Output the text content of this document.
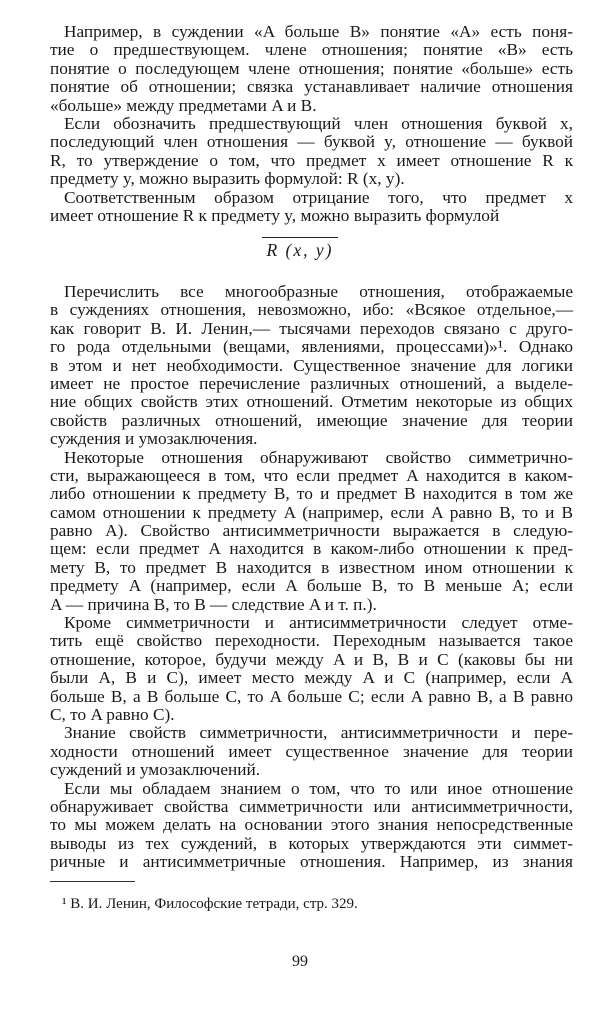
Например, в суждении «A больше B» понятие «A» есть поня-
тие о предшествующем. члене отношения; понятие «B» есть
понятие о последующем члене отношения; понятие «больше» есть
понятие об отношении; связка устанавливает наличие отношения
«больше» между предметами A и B.
Если обозначить предшествующий член отношения буквой x,
последующий член отношения — буквой y, отношение — буквой
R, то утверждение о том, что предмет x имеет отношение R к
предмету y, можно выразить формулой: R (x, y).
Соответственным образом отрицание того, что предмет x
имеет отношение R к предмету y, можно выразить формулой
R (x, y)
Перечислить все многообразные отношения, отображаемые
в суждениях отношения, невозможно, ибо: «Всякое отдельное,—
как говорит В. И. Ленин,— тысячами переходов связано с друго-
го рода отдельными (вещами, явлениями, процессами)»¹. Однако
в этом и нет необходимости. Существенное значение для логики
имеет не простое перечисление различных отношений, а выделе-
ние общих свойств этих отношений. Отметим некоторые из общих
свойств различных отношений, имеющие значение для теории
суждения и умозаключения.
Некоторые отношения обнаруживают свойство симметрично-
сти, выражающееся в том, что если предмет A находится в каком-
либо отношении к предмету B, то и предмет B находится в том же
самом отношении к предмету A (например, если A равно B, то и B
равно A). Свойство антисимметричности выражается в следую-
щем: если предмет A находится в каком-либо отношении к пред-
мету B, то предмет B находится в известном ином отношении к
предмету A (например, если A больше B, то B меньше A; если
A — причина B, то B — следствие A и т. п.).
Кроме симметричности и антисимметричности следует отме-
тить ещё свойство переходности. Переходным называется такое
отношение, которое, будучи между A и B, B и C (каковы бы ни
были A, B и C), имеет место между A и C (например, если A
больше B, а B больше C, то A больше C; если A равно B, а B равно
C, то A равно C).
Знание свойств симметричности, антисимметричности и пере-
ходности отношений имеет существенное значение для теории
суждений и умозаключений.
Если мы обладаем знанием о том, что то или иное отношение
обнаруживает свойства симметричности или антисимметричности,
то мы можем делать на основании этого знания непосредственные
выводы из тех суждений, в которых утверждаются эти симмет-
ричные и антисимметричные отношения. Например, из знания
¹ В. И. Ленин, Философские тетради, стр. 329.
99
